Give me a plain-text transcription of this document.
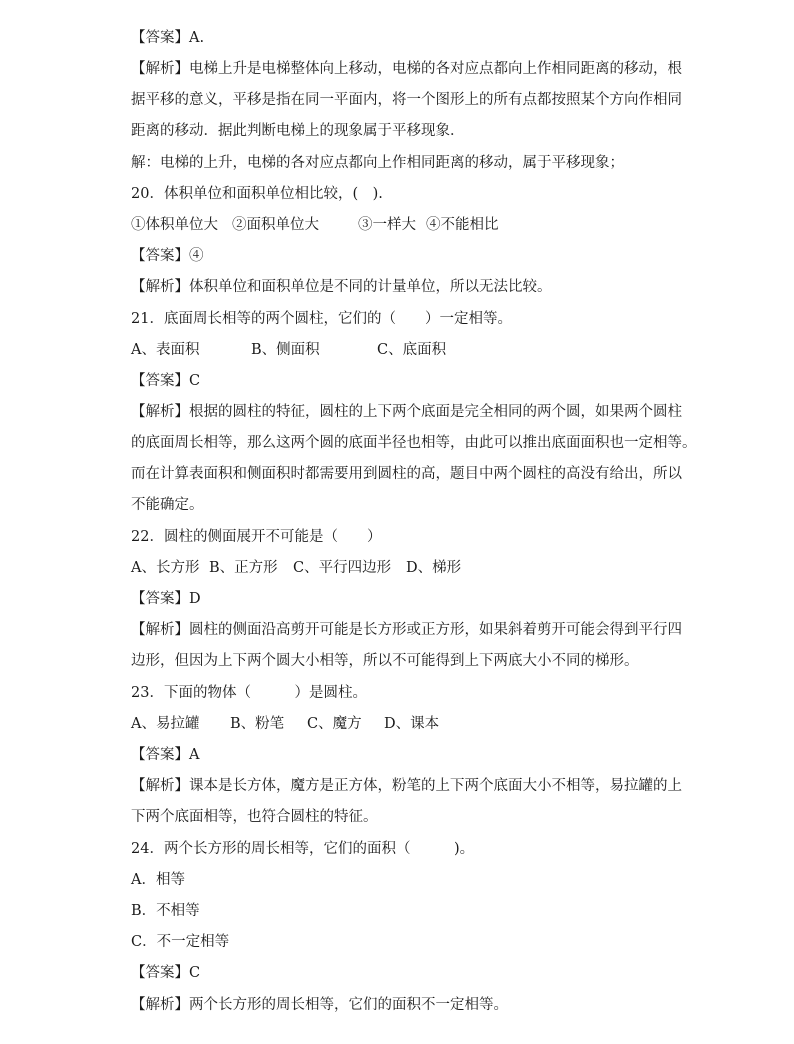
【答案】A.
【解析】电梯上升是电梯整体向上移动，电梯的各对应点都向上作相同距离的移动，根
据平移的意义，平移是指在同一平面内，将一个图形上的所有点都按照某个方向作相同
距离的移动．据此判断电梯上的现象属于平移现象．
解：电梯的上升，电梯的各对应点都向上作相同距离的移动，属于平移现象；
20．体积单位和面积单位相比较，(　).
①体积单位大 ②面积单位大	③一样大 ④不能相比
【答案】④
【解析】体积单位和面积单位是不同的计量单位，所以无法比较。
21．底面周长相等的两个圆柱，它们的（　　）一定相等。
A、表面积	B、侧面积	C、底面积
【答案】C
【解析】根据的圆柱的特征，圆柱的上下两个底面是完全相同的两个圆，如果两个圆柱
的底面周长相等，那么这两个圆的底面半径也相等，由此可以推出底面面积也一定相等。
而在计算表面积和侧面积时都需要用到圆柱的高，题目中两个圆柱的高没有给出，所以
不能确定。
22．圆柱的侧面展开不可能是（　　）
A、长方形 B、正方形 C、平行四边形 D、梯形
【答案】D
【解析】圆柱的侧面沿高剪开可能是长方形或正方形，如果斜着剪开可能会得到平行四
边形，但因为上下两个圆大小相等，所以不可能得到上下两底大小不同的梯形。
23．下面的物体（　　　）是圆柱。
A、易拉罐 B、粉笔 C、魔方 D、课本
【答案】A
【解析】课本是长方体，魔方是正方体，粉笔的上下两个底面大小不相等，易拉罐的上
下两个底面相等，也符合圆柱的特征。
24．两个长方形的周长相等，它们的面积（　　　)。
A．相等
B．不相等
C．不一定相等
【答案】C
【解析】两个长方形的周长相等，它们的面积不一定相等。
